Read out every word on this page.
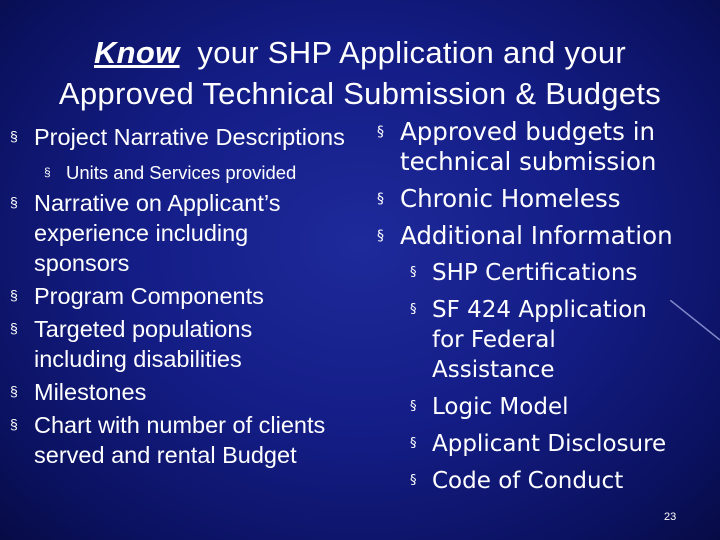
Know  your SHP Application and your
Approved Technical Submission & Budgets
§ Project Narrative Descriptions
§ Units and Services provided
§ Narrative on Applicant’s experience including sponsors
§ Program Components
§ Targeted populations including disabilities
§ Milestones
§ Chart with number of clients served and rental Budget
§ Approved budgets in technical submission
§ Chronic Homeless
§ Additional Information
§ SHP Certifications
§ SF 424 Application for Federal Assistance
§ Logic Model
§ Applicant Disclosure
§ Code of Conduct
23
